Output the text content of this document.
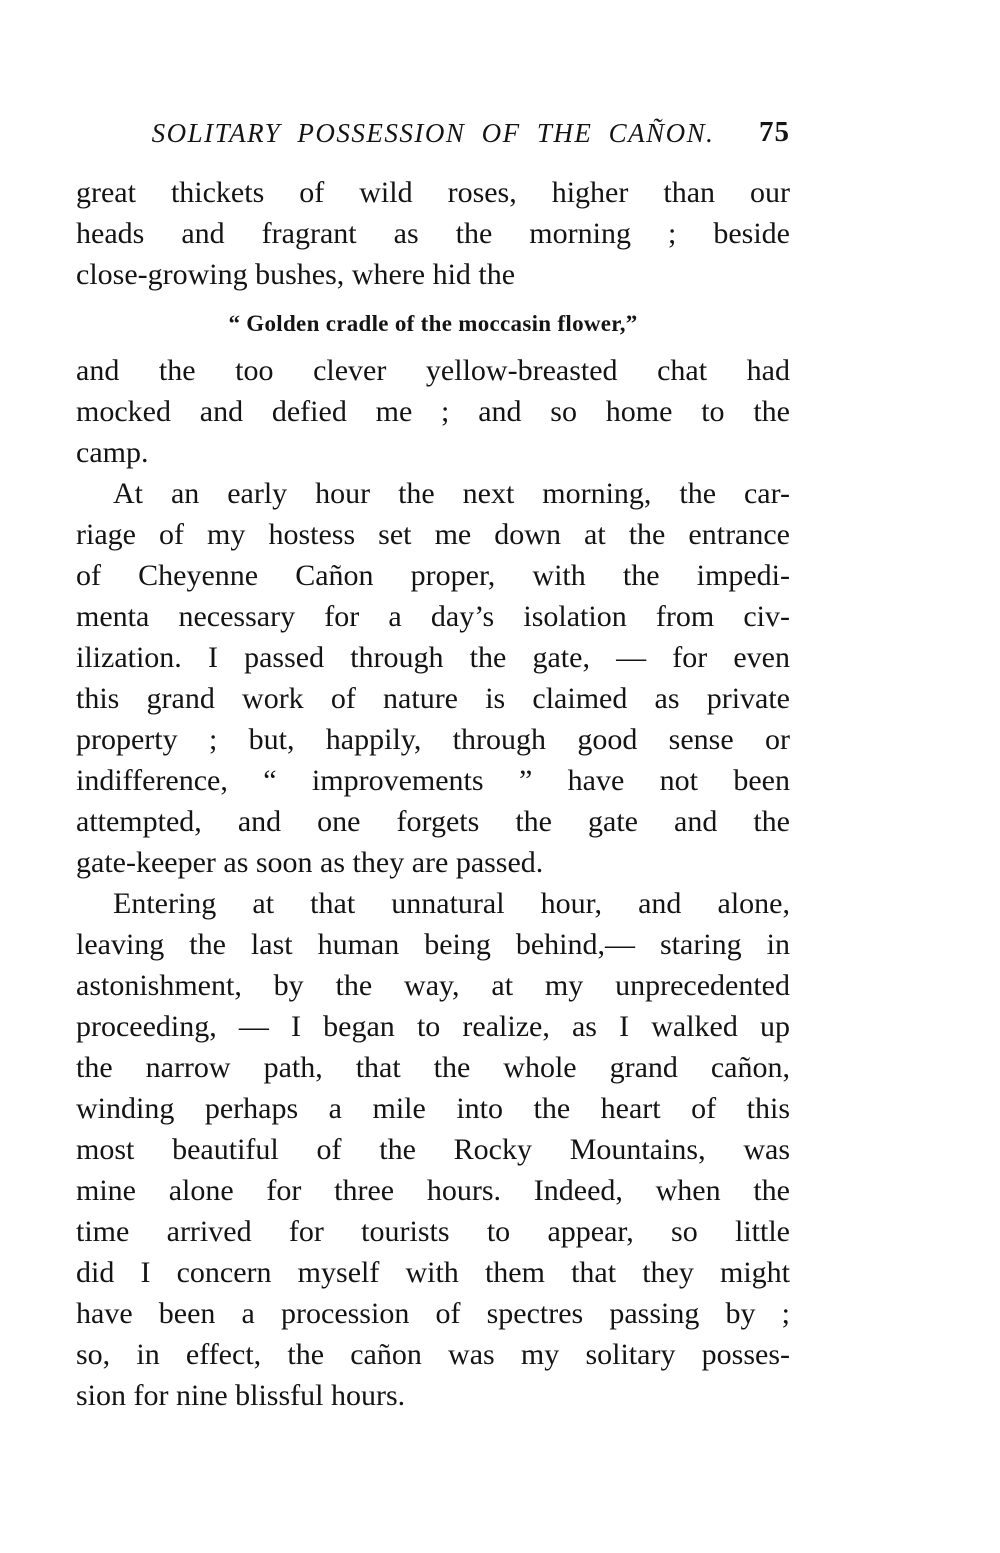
SOLITARY POSSESSION OF THE CAÑON.	75
great thickets of wild roses, higher than our
heads and fragrant as the morning ; beside
close-growing bushes, where hid the
“ Golden cradle of the moccasin flower,”
and the too clever yellow-breasted chat had
mocked and defied me ; and so home to the
camp.
At an early hour the next morning, the car-
riage of my hostess set me down at the entrance
of Cheyenne Cañon proper, with the impedi-
menta necessary for a day’s isolation from civ-
ilization. I passed through the gate, — for even
this grand work of nature is claimed as private
property ; but, happily, through good sense or
indifference, “ improvements ” have not been
attempted, and one forgets the gate and the
gate-keeper as soon as they are passed.
Entering at that unnatural hour, and alone,
leaving the last human being behind,— staring in
astonishment, by the way, at my unprecedented
proceeding, — I began to realize, as I walked up
the narrow path, that the whole grand cañon,
winding perhaps a mile into the heart of this
most beautiful of the Rocky Mountains, was
mine alone for three hours. Indeed, when the
time arrived for tourists to appear, so little
did I concern myself with them that they might
have been a procession of spectres passing by ;
so, in effect, the cañon was my solitary posses-
sion for nine blissful hours.
